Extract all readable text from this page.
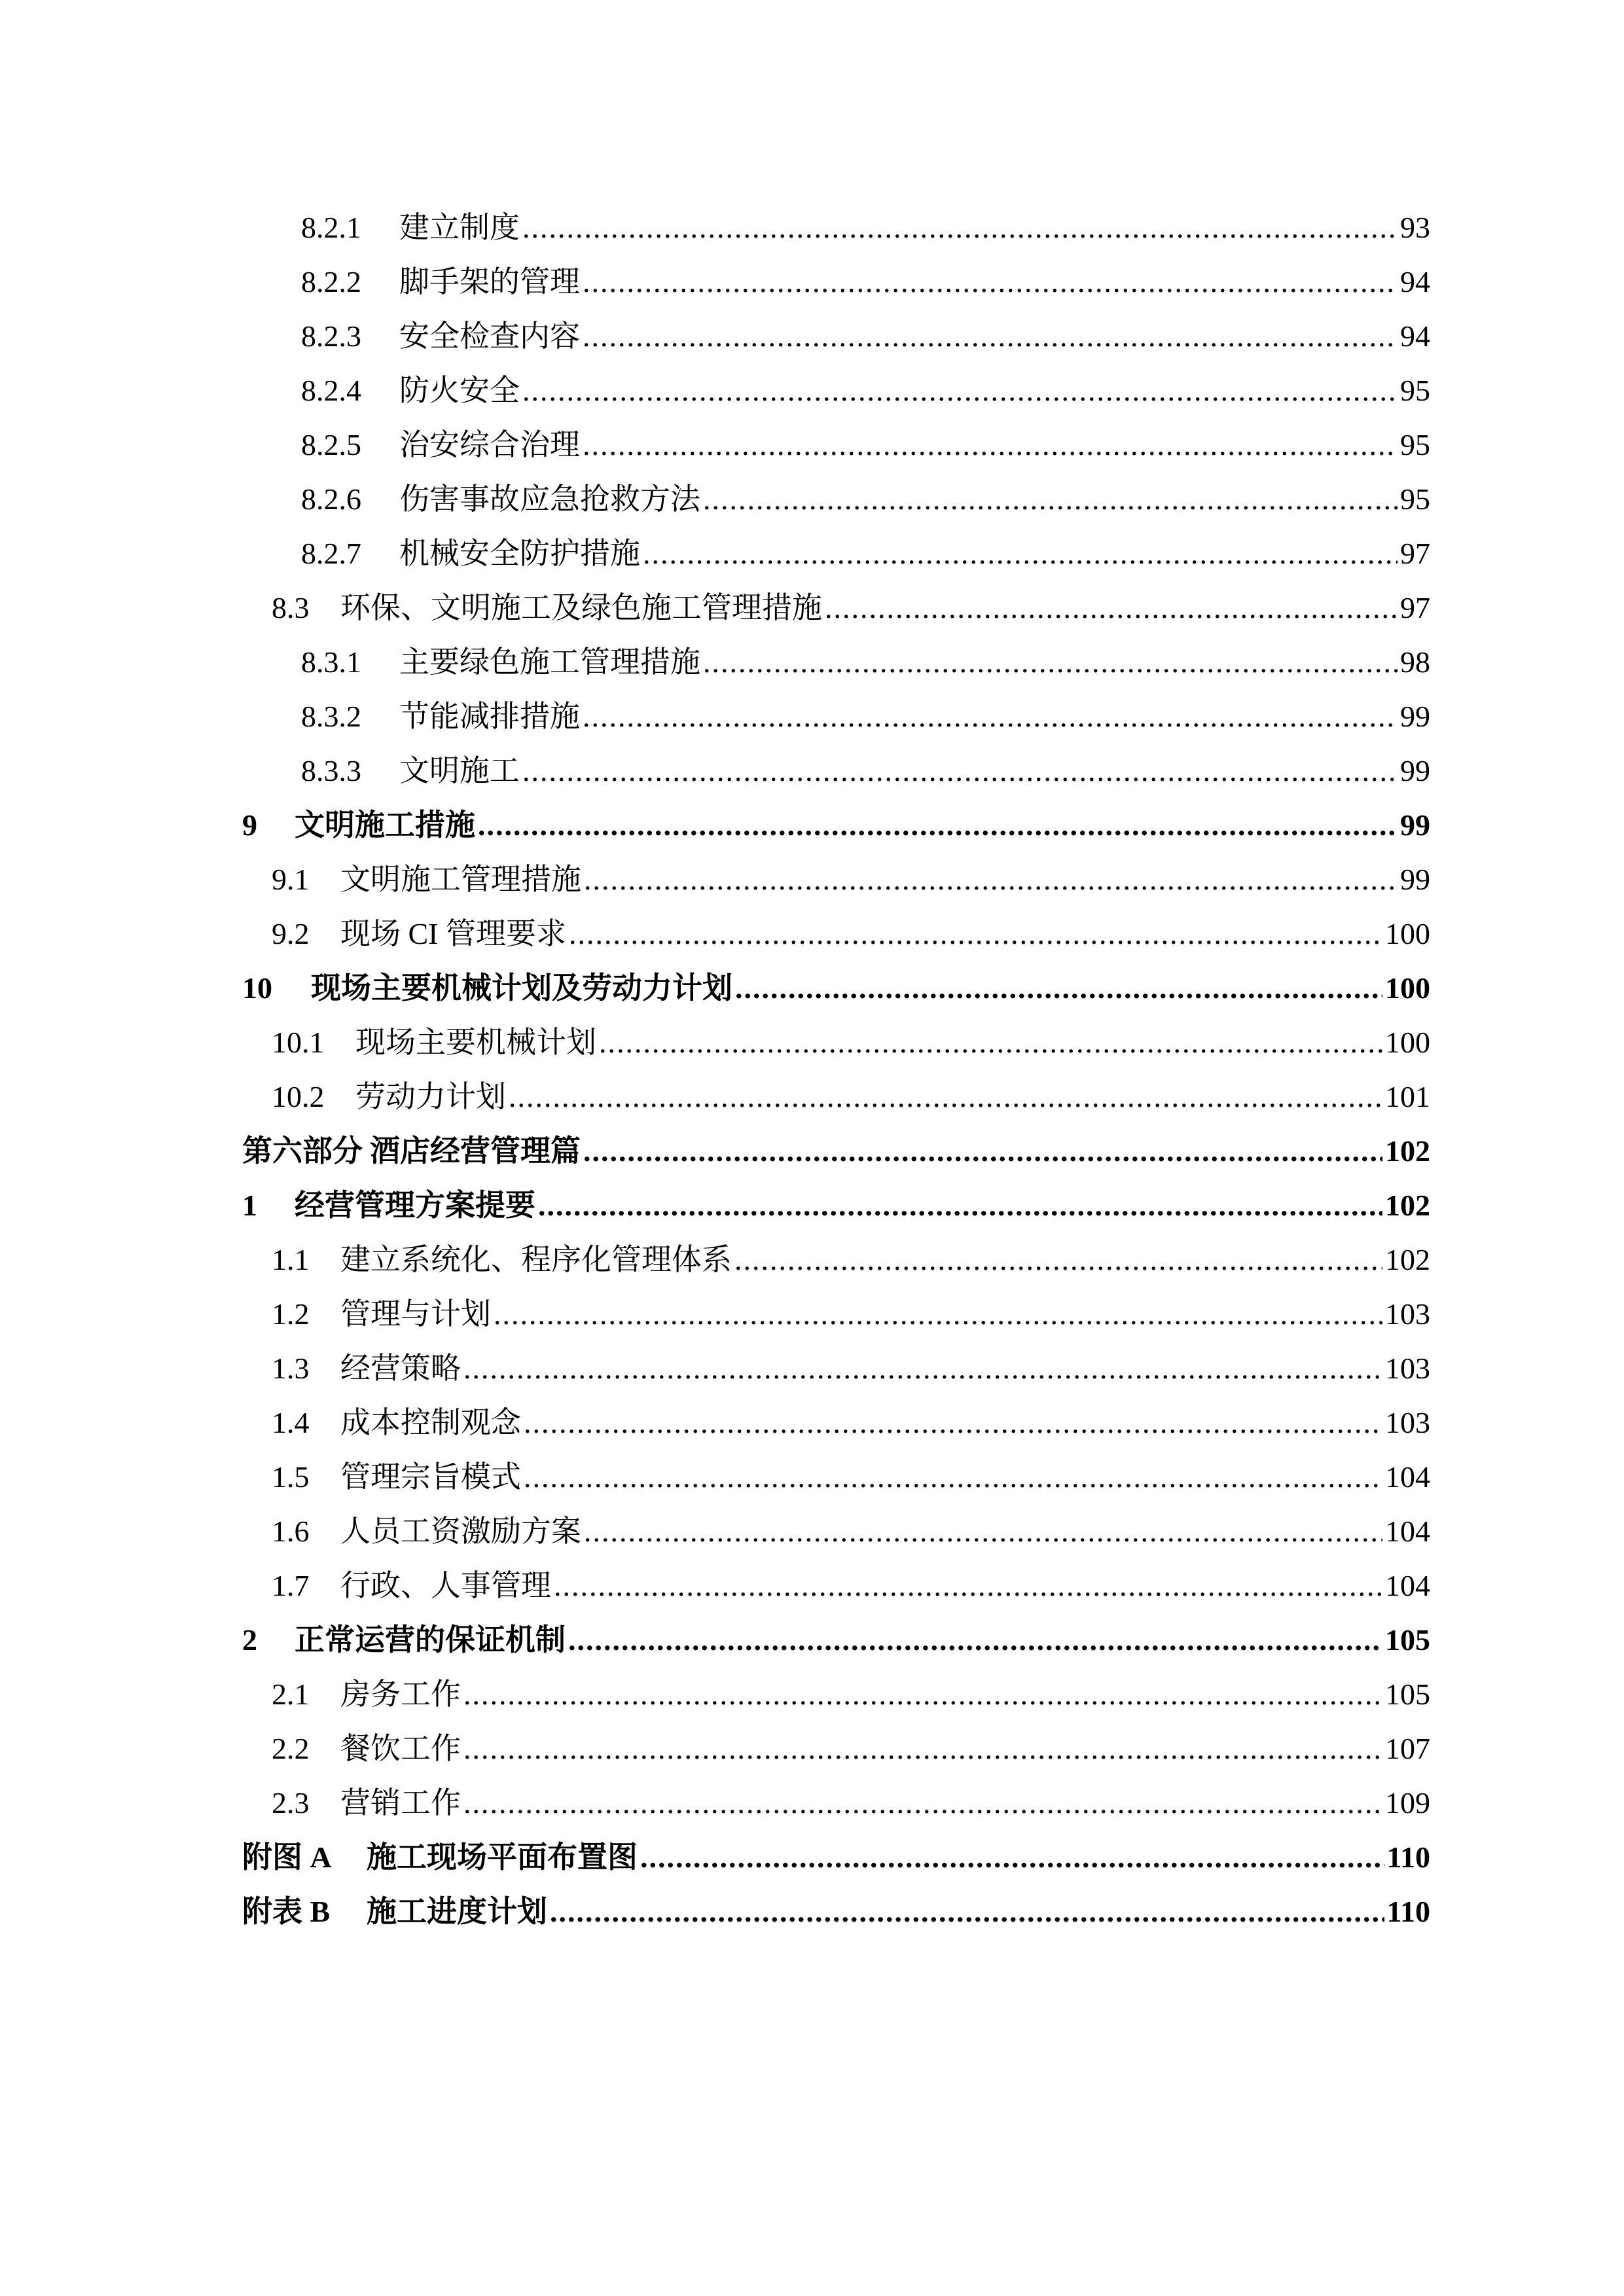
8.2.1	建立制度 .....	93
8.2.2	脚手架的管理 .....	94
8.2.3	安全检查内容 .....	94
8.2.4	防火安全 .....	95
8.2.5	治安综合治理 .....	95
8.2.6	伤害事故应急抢救方法 .....	95
8.2.7	机械安全防护措施 .....	97
8.3	环保、文明施工及绿色施工管理措施 .....	97
8.3.1	主要绿色施工管理措施 .....	98
8.3.2	节能减排措施 .....	99
8.3.3	文明施工 .....	99
9	文明施工措施 .....	99
9.1	文明施工管理措施 .....	99
9.2	现场 CI 管理要求 .....	100
10	现场主要机械计划及劳动力计划 .....	100
10.1	现场主要机械计划 .....	100
10.2	劳动力计划 .....	101
第六部分 酒店经营管理篇 .....	102
1	经营管理方案提要 .....	102
1.1	建立系统化、程序化管理体系 .....	102
1.2	管理与计划 .....	103
1.3	经营策略 .....	103
1.4	成本控制观念 .....	103
1.5	管理宗旨模式 .....	104
1.6	人员工资激励方案 .....	104
1.7	行政、人事管理 .....	104
2	正常运营的保证机制 .....	105
2.1	房务工作 .....	105
2.2	餐饮工作 .....	107
2.3	营销工作 .....	109
附图 A	施工现场平面布置图 .....	110
附表 B	施工进度计划 .....	110
